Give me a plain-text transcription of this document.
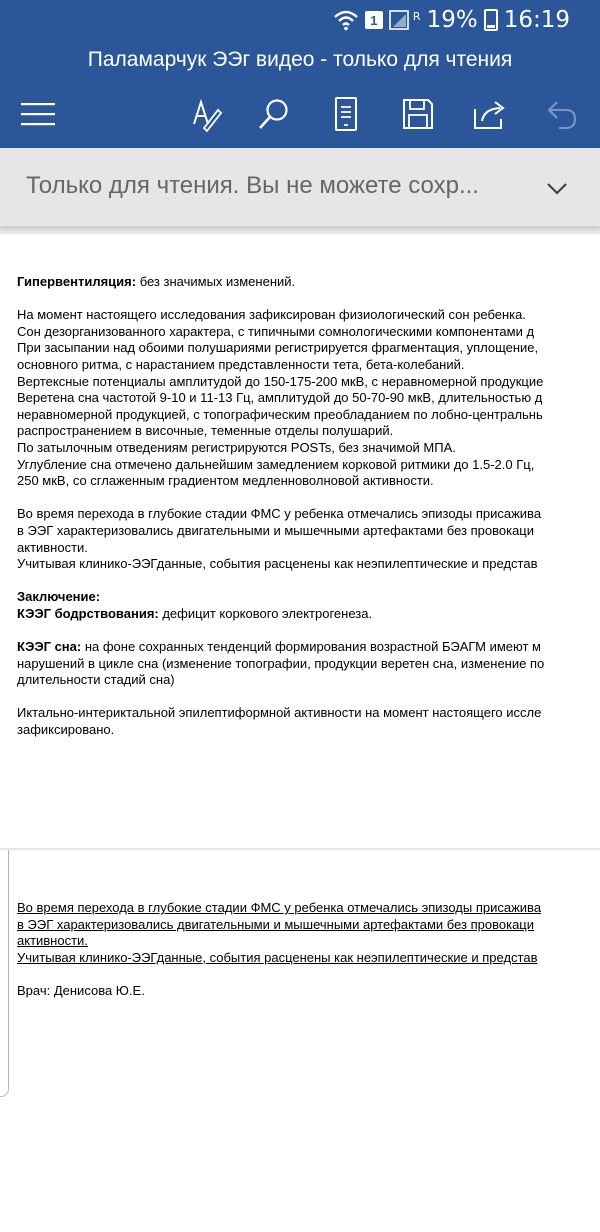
1	R 19% 16:19
Паламарчук ЭЭг видео - только для чтения
Только для чтения. Вы не можете сохр...
Гипервентиляция: без значимых изменений.
На момент настоящего исследования зафиксирован физиологический сон ребенка.
Сон дезорганизованного характера, с типичными сомнологическими компонентами д
При засыпании над обоими полушариями регистрируется фрагментация, уплощение,
основного ритма, с нарастанием представленности тета, бета-колебаний.
Вертексные потенциалы амплитудой до 150-175-200 мкВ, с неравномерной продукцие
Веретена сна частотой 9-10 и 11-13 Гц, амплитудой до 50-70-90 мкВ, длительностью д
неравномерной продукцией, с топографическим преобладанием по лобно-центральнь
распространением в височные, теменные отделы полушарий.
По затылочным отведениям регистрируются POSTs, без значимой МПА.
Углубление сна отмечено дальнейшим замедлением корковой ритмики до 1.5-2.0 Гц,
250 мкВ, со сглаженным градиентом медленноволновой активности.
Во время перехода в глубокие стадии ФМС у ребенка отмечались эпизоды присажива
в ЭЭГ характеризовались двигательными и мышечными артефактами без провокаци
активности.
Учитывая клинико-ЭЭГданные, события расценены как неэпилептические и представ
Заключение:
КЭЭГ бодрствования: дефицит коркового электрогенеза.
КЭЭГ сна: на фоне сохранных тенденций формирования возрастной БЭАГМ имеют м
нарушений в цикле сна (изменение топографии, продукции веретен сна, изменение по
длительности стадий сна)
Иктально-интериктальной эпилептиформной активности на момент настоящего иссле
зафиксировано.
Во время перехода в глубокие стадии ФМС у ребенка отмечались эпизоды присажива
в ЭЭГ характеризовались двигательными и мышечными артефактами без провокаци
активности.
Учитывая клинико-ЭЭГданные, события расценены как неэпилептические и представ
Врач: Денисова Ю.Е.
